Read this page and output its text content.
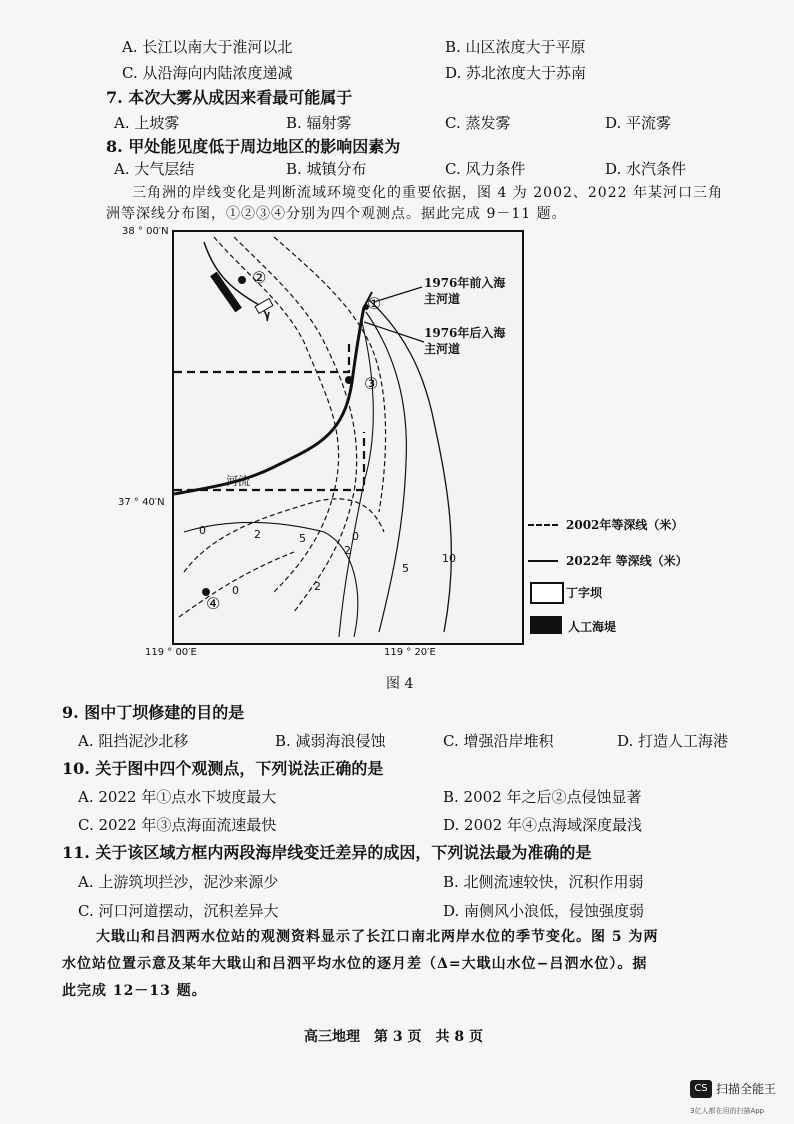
A. 长江以南大于淮河以北	B. 山区浓度大于平原
C. 从沿海向内陆浓度递减	D. 苏北浓度大于苏南
7. 本次大雾从成因来看最可能属于
A. 上坡雾	B. 辐射雾	C. 蒸发雾	D. 平流雾
8. 甲处能见度低于周边地区的影响因素为
A. 大气层结	B. 城镇分布	C. 风力条件	D. 水汽条件
三角洲的岸线变化是判断流域环境变化的重要依据，图 4 为 2002、2022 年某河口三角
洲等深线分布图，①②③④分别为四个观测点。据此完成 9－11 题。
38 ° 00′N
37 ° 40′N
119 ° 00′E	119 ° 20′E
②
①
③
④
1976年前入海
主河道
1976年后入海
主河道
河流
0	2	5	0
2
2
5
0
10
2002年等深线（米）
2022年 等深线（米）
丁字坝
人工海堤
图 4
9. 图中丁坝修建的目的是
A. 阻挡泥沙北移	B. 减弱海浪侵蚀	C. 增强沿岸堆积	D. 打造人工海港
10. 关于图中四个观测点，下列说法正确的是
A. 2022 年①点水下坡度最大	B. 2002 年之后②点侵蚀显著
C. 2022 年③点海面流速最快	D. 2002 年④点海域深度最浅
11. 关于该区域方框内两段海岸线变迁差异的成因，下列说法最为准确的是
A. 上游筑坝拦沙，泥沙来源少	B. 北侧流速较快，沉积作用弱
C. 河口河道摆动，沉积差异大	D. 南侧风小浪低，侵蚀强度弱
大戢山和吕泗两水位站的观测资料显示了长江口南北两岸水位的季节变化。图 5 为两
水位站位置示意及某年大戢山和吕泗平均水位的逐月差（Δ=大戢山水位−吕泗水位）。据
此完成 12－13 题。
高三地理　第 3 页　共 8 页
CS 扫描全能王
3亿人都在用的扫描App
